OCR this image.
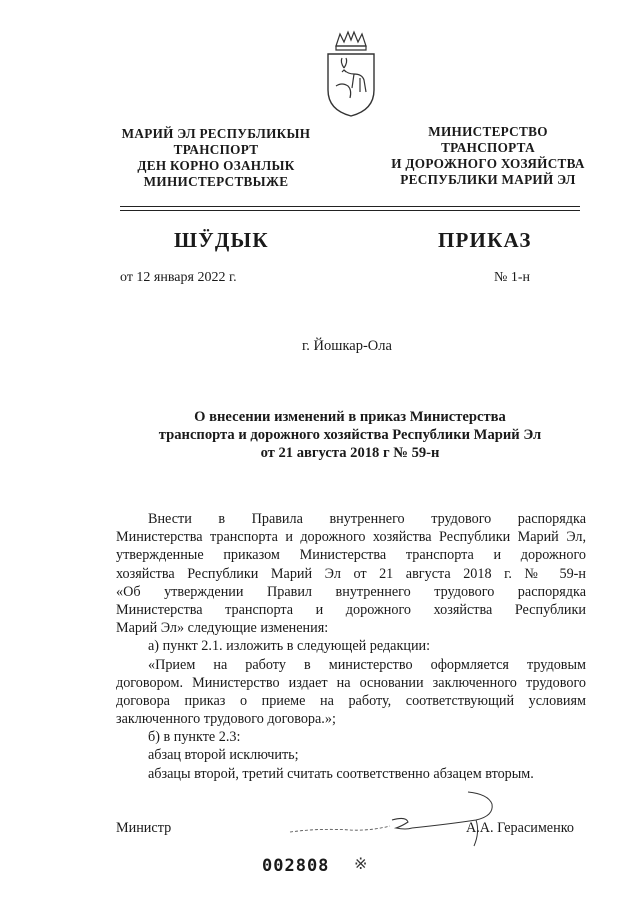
МАРИЙ ЭЛ РЕСПУБЛИКЫН
ТРАНСПОРТ
ДЕН КОРНО ОЗАНЛЫК
МИНИСТЕРСТВЫЖЕ
МИНИСТЕРСТВО
ТРАНСПОРТА
И ДОРОЖНОГО ХОЗЯЙСТВА
РЕСПУБЛИКИ МАРИЙ ЭЛ
ШӰДЫК	ПРИКАЗ
от 12 января 2022 г.	№ 1-н
г. Йошкар-Ола
О внесении изменений в приказ Министерства
транспорта и дорожного хозяйства Республики Марий Эл
от 21 августа 2018 г № 59-н
Внести в Правила внутреннего трудового распорядка
Министерства транспорта и дорожного хозяйства Республики Марий Эл,
утвержденные приказом Министерства транспорта и дорожного
хозяйства Республики Марий Эл от 21 августа 2018 г. № 59-н
«Об утверждении Правил внутреннего трудового распорядка
Министерства транспорта и дорожного хозяйства Республики
Марий Эл» следующие изменения:
а) пункт 2.1. изложить в следующей редакции:
«Прием на работу в министерство оформляется трудовым
договором. Министерство издает на основании заключенного трудового
договора приказ о приеме на работу, соответствующий условиям
заключенного трудового договора.»;
б) в пункте 2.3:
абзац второй исключить;
абзацы второй, третий считать соответственно абзацем вторым.
Министр	А.А. Герасименко
002808 ※
